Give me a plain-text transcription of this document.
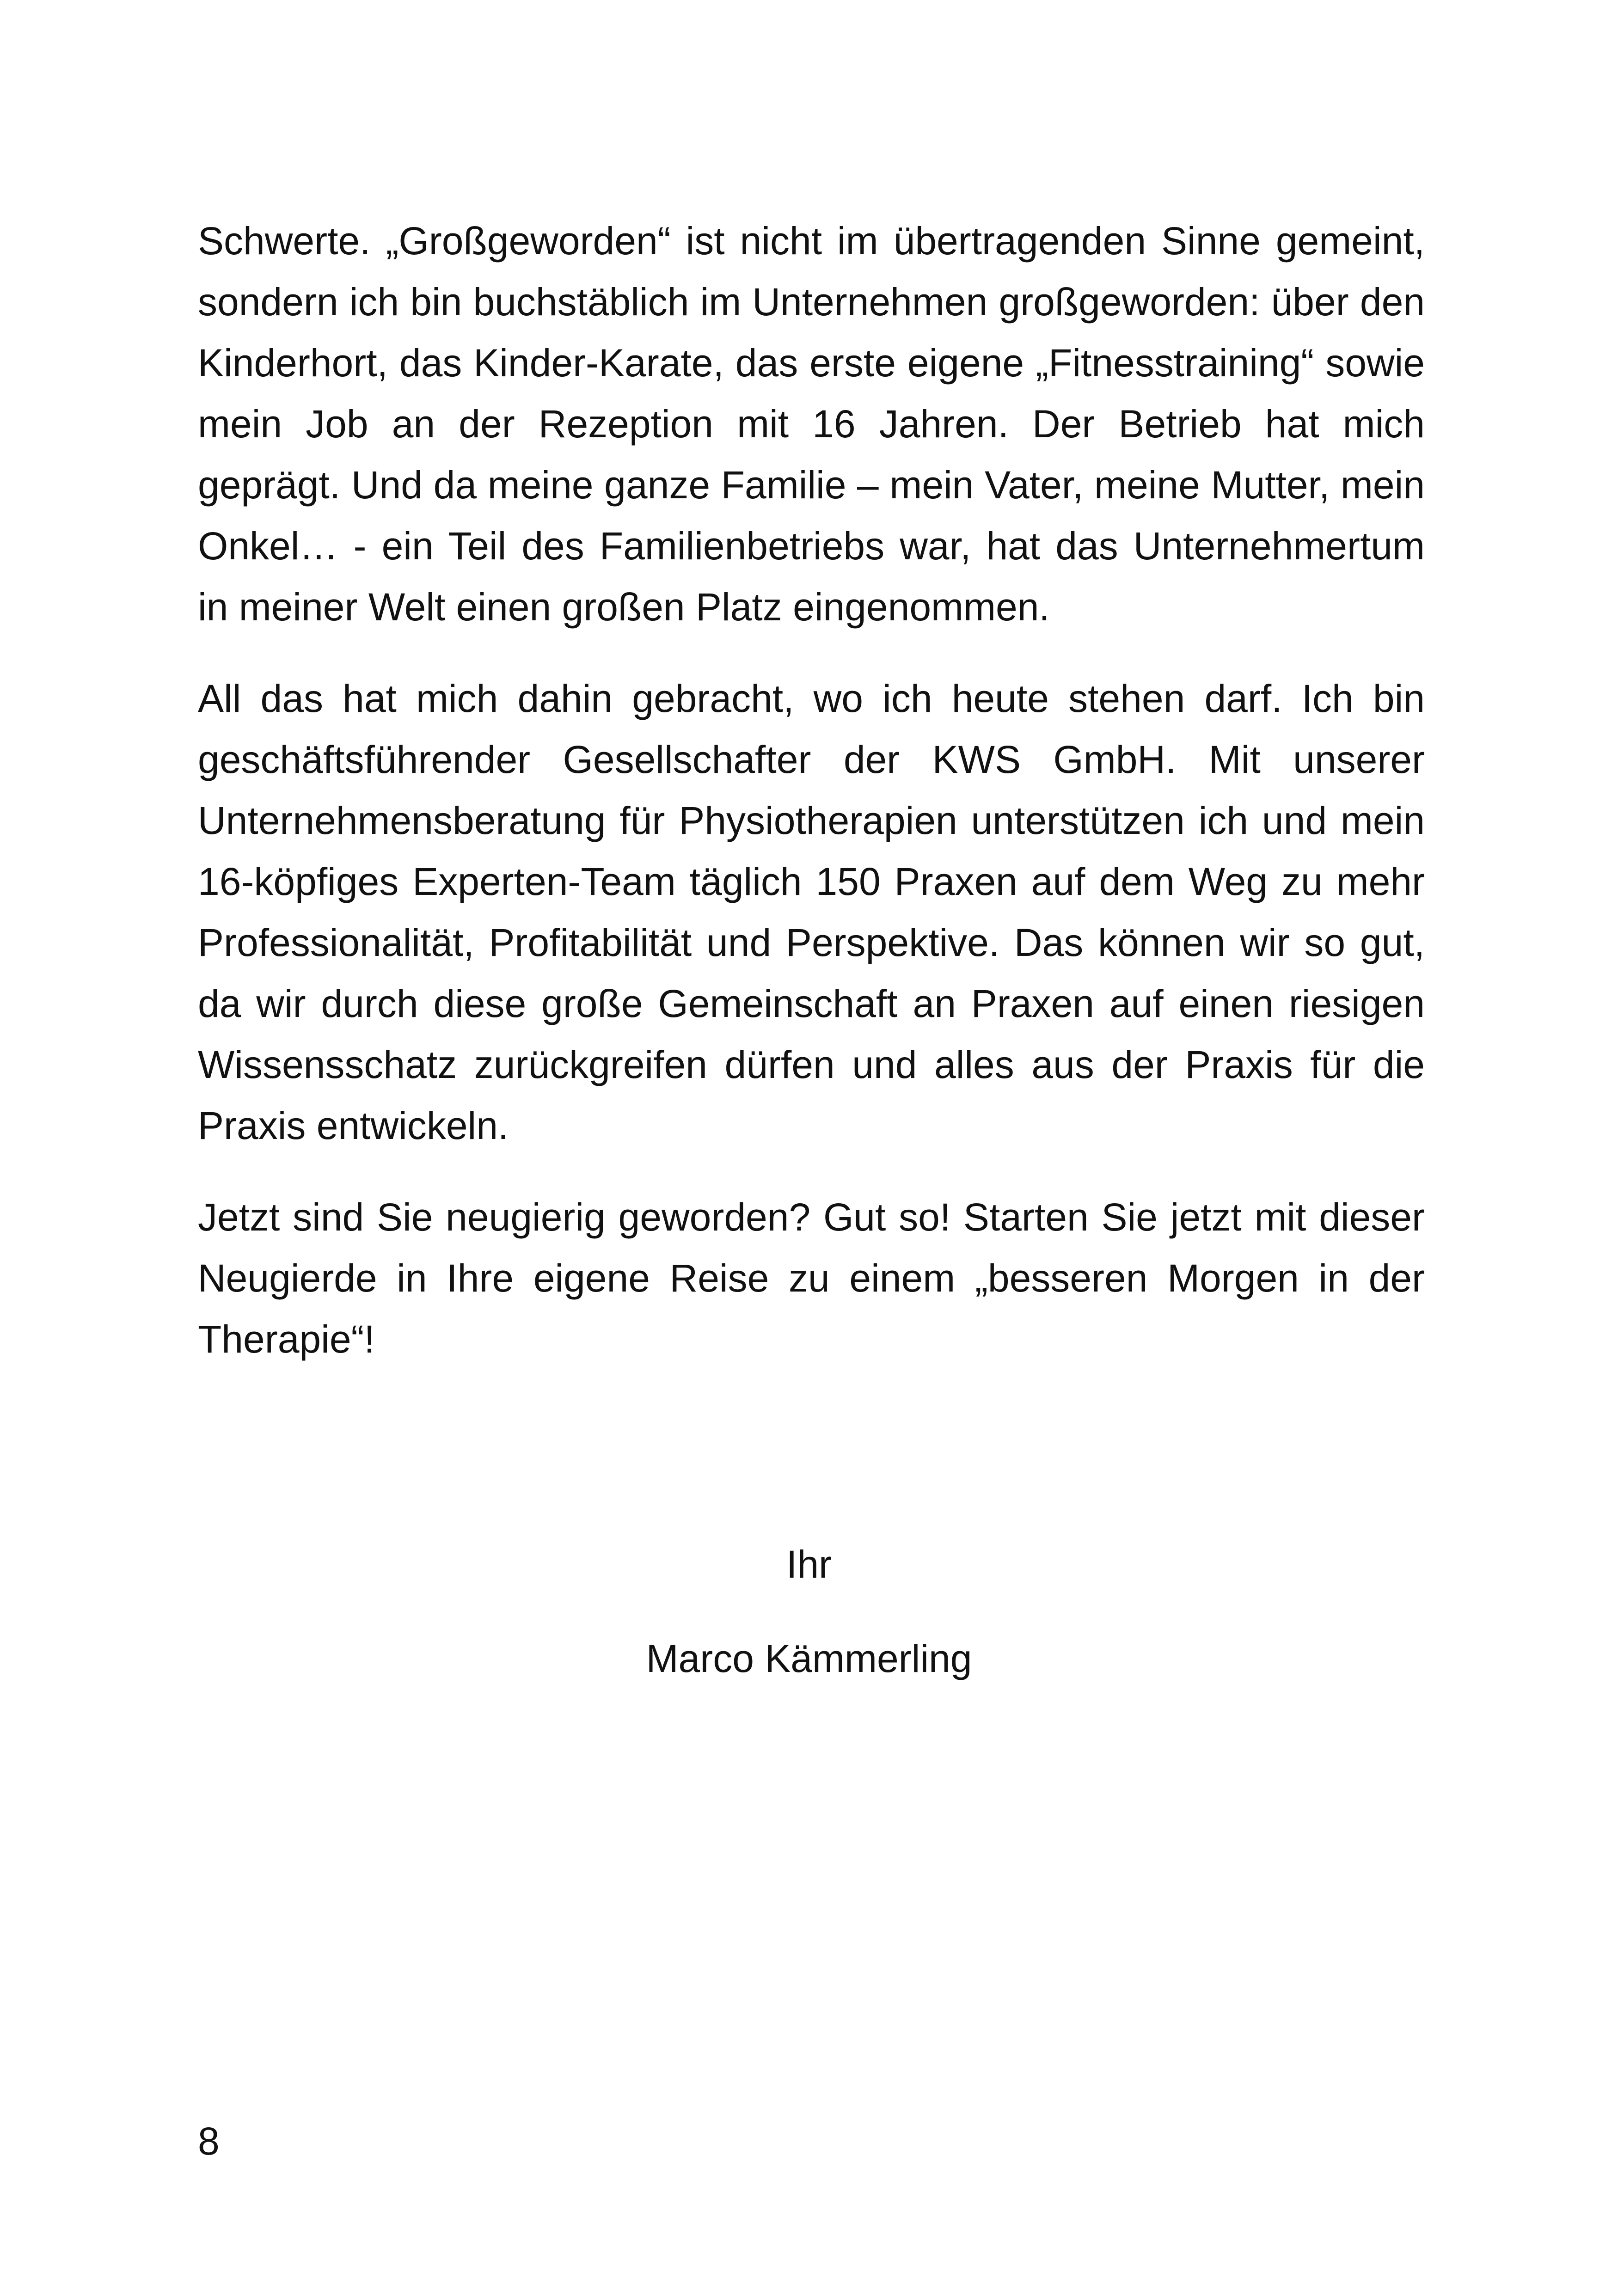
Schwerte. „Großgeworden“ ist nicht im übertragenden Sinne gemeint, sondern ich bin buchstäblich im Unternehmen großgeworden: über den Kinderhort, das Kinder-Karate, das erste eigene „Fitnesstraining“ sowie mein Job an der Rezeption mit 16 Jahren. Der Betrieb hat mich geprägt. Und da meine ganze Familie – mein Vater, meine Mutter, mein Onkel… - ein Teil des Familienbetriebs war, hat das Unternehmertum in meiner Welt einen großen Platz eingenommen.

All das hat mich dahin gebracht, wo ich heute stehen darf. Ich bin geschäftsführender Gesellschafter der KWS GmbH. Mit unserer Unternehmensberatung für Physiotherapien unterstützen ich und mein 16-köpfiges Experten-Team täglich 150 Praxen auf dem Weg zu mehr Professionalität, Profitabilität und Perspektive. Das können wir so gut, da wir durch diese große Gemeinschaft an Praxen auf einen riesigen Wissensschatz zurückgreifen dürfen und alles aus der Praxis für die Praxis entwickeln.

Jetzt sind Sie neugierig geworden? Gut so! Starten Sie jetzt mit dieser Neugierde in Ihre eigene Reise zu einem „besseren Morgen in der Therapie“!

Ihr
Marco Kämmerling
8
